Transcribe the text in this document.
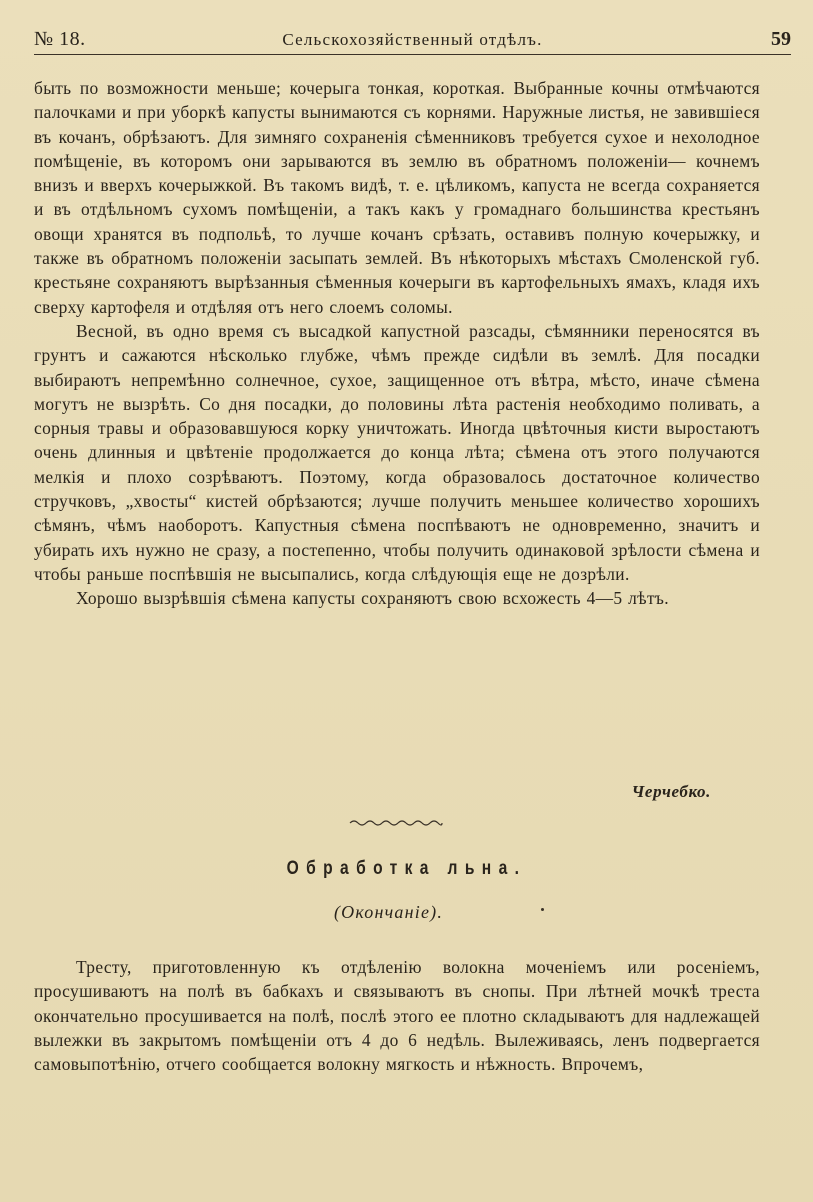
№ 18.	Сельскохозяйственный отдѣлъ.	59

быть по возможности меньше; кочерыга тонкая, короткая. Выбранные кочны отмѣчаются палочками и при уборкѣ капусты вынимаются съ корнями. Наружные листья, не завившіеся въ кочанъ, обрѣзаютъ. Для зимняго сохраненія сѣменниковъ требуется сухое и нехолодное помѣщеніе, въ которомъ они зарываются въ землю въ обратномъ положеніи— кочнемъ внизъ и вверхъ кочерыжкой. Въ такомъ видѣ, т. е. цѣликомъ, капуста не всегда сохраняется и въ отдѣльномъ сухомъ помѣщеніи, а такъ какъ у громаднаго большинства крестьянъ овощи хранятся въ подпольѣ, то лучше кочанъ срѣзать, оставивъ полную кочерыжку, и также въ обратномъ положеніи засыпать землей. Въ нѣкоторыхъ мѣстахъ Смоленской губ. крестьяне сохраняютъ вырѣзанныя сѣменныя кочерыги въ картофельныхъ ямахъ, кладя ихъ сверху картофеля и отдѣляя отъ него слоемъ соломы.

Весной, въ одно время съ высадкой капустной разсады, сѣмянники переносятся въ грунтъ и сажаются нѣсколько глубже, чѣмъ прежде сидѣли въ землѣ. Для посадки выбираютъ непремѣнно солнечное, сухое, защищенное отъ вѣтра, мѣсто, иначе сѣмена могутъ не вызрѣть. Со дня посадки, до половины лѣта растенія необходимо поливать, а сорныя травы и образовавшуюся корку уничтожать. Иногда цвѣточныя кисти выростаютъ очень длинныя и цвѣтеніе продолжается до конца лѣта; сѣмена отъ этого получаются мелкія и плохо созрѣваютъ. Поэтому, когда образовалось достаточное количество стручковъ, „хвосты“ кистей обрѣзаются; лучше получить меньшее количество хорошихъ сѣмянъ, чѣмъ наоборотъ. Капустныя сѣмена поспѣваютъ не одновременно, значитъ и убирать ихъ нужно не сразу, а постепенно, чтобы получить одинаковой зрѣлости сѣмена и чтобы раньше поспѣвшія не высыпались, когда слѣдующія еще не дозрѣли.

Хорошо вызрѣвшія сѣмена капусты сохраняютъ свою всхожесть 4—5 лѣтъ.

Черчебко.
Обработка льна.
(Окончаніе).

Тресту, приготовленную къ отдѣленію волокна моченіемъ или росеніемъ, просушиваютъ на полѣ въ бабкахъ и связываютъ въ снопы. При лѣтней мочкѣ треста окончательно просушивается на полѣ, послѣ этого ее плотно складываютъ для надлежащей вылежки въ закрытомъ помѣщеніи отъ 4 до 6 недѣль. Вылеживаясь, ленъ подвергается самовыпотѣнію, отчего сообщается волокну мягкость и нѣжность. Впрочемъ,
